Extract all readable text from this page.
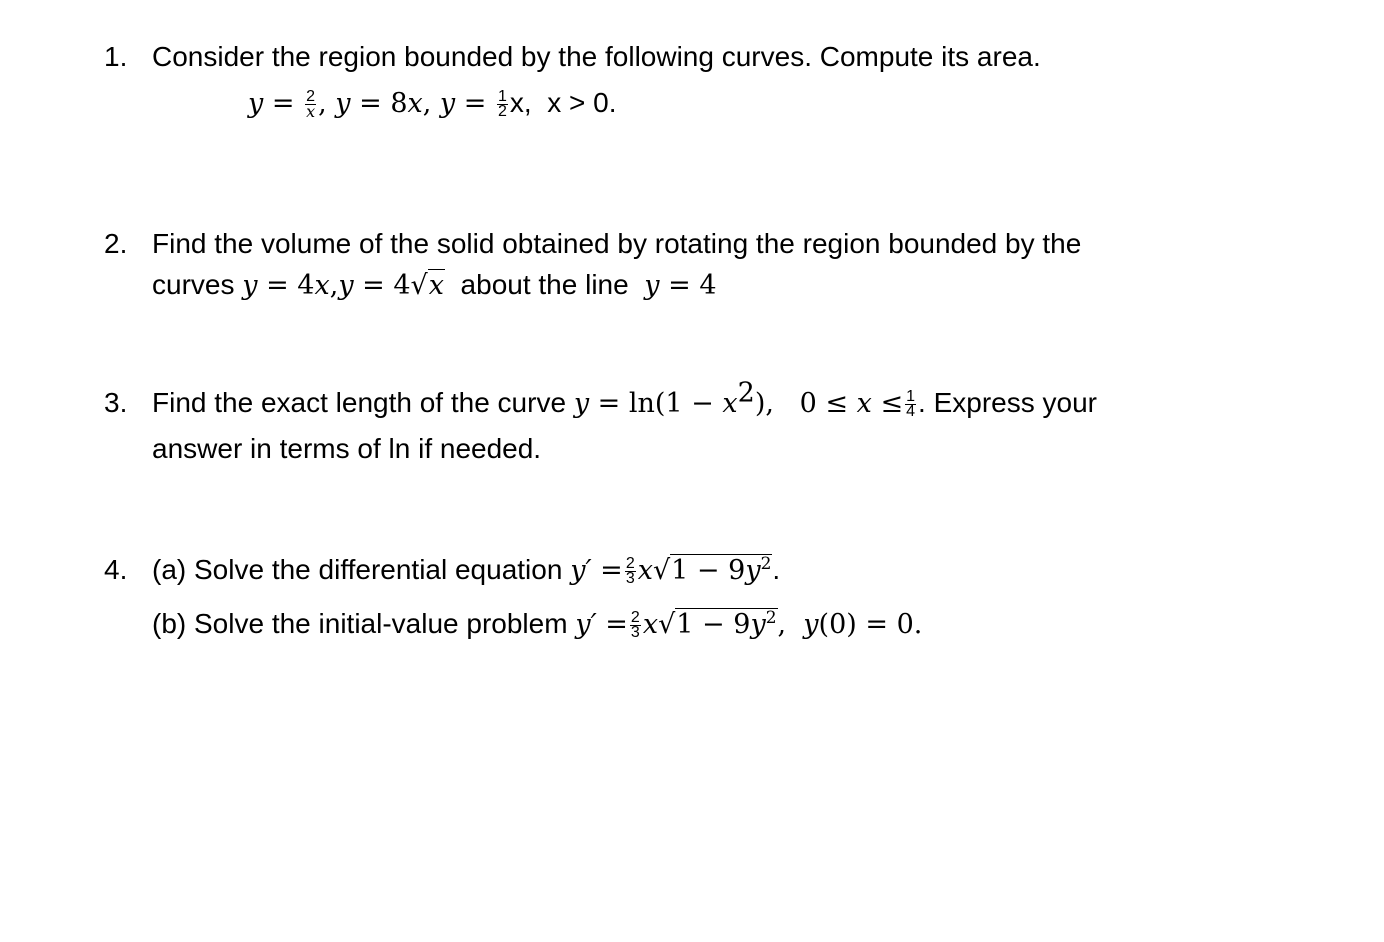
1. Consider the region bounded by the following curves. Compute its area.
$y = \frac{2}{x}$ , y = 8x, $y = \frac{1}{2} x$,  x > 0.
2. Find the volume of the solid obtained by rotating the region bounded by the
curves y = 4x,y = 4√x  about the line  y = 4
3. Find the exact length of the curve $y = \ln(1 - x^2)$,   $0 \le x \le \frac{1}{4}$ . Express your
answer in terms of ln if needed.
4. (a) Solve the differential equation $y' = \frac{2}{3} x√1 - 9y^2$.
(b) Solve the initial-value problem $y' = \frac{2}{3} x√1 - 9y^2$,  y(0) = 0.
